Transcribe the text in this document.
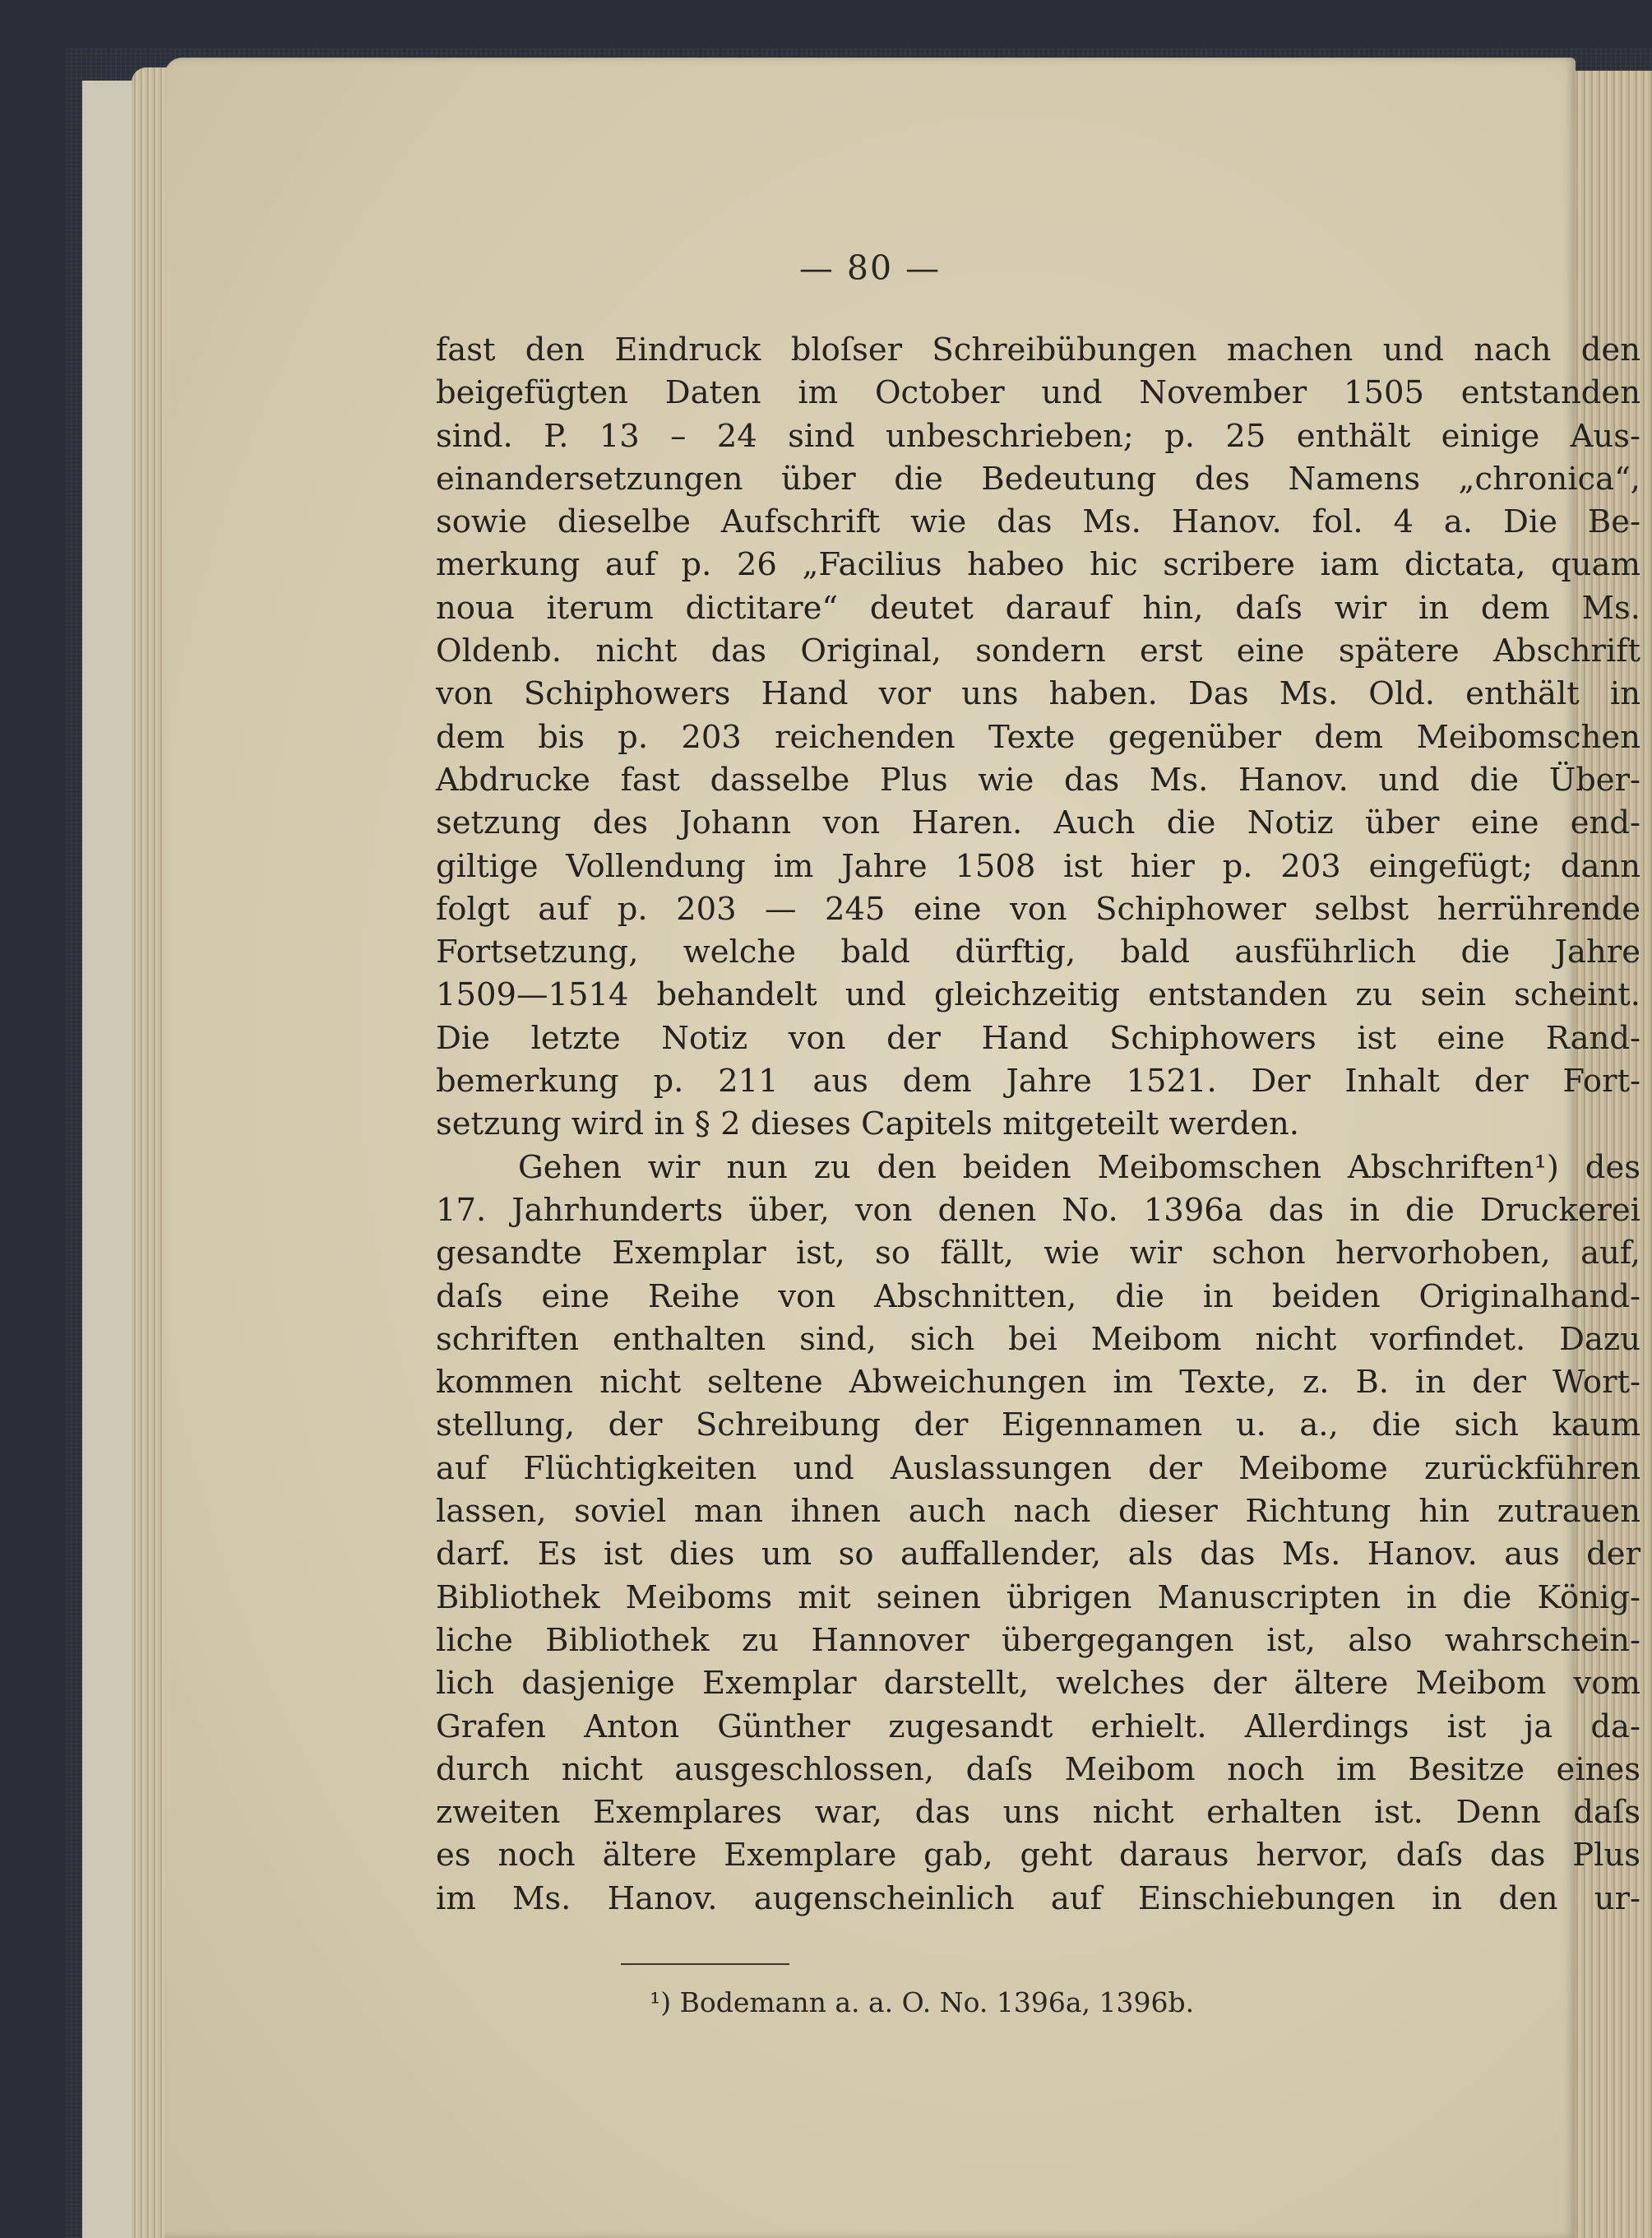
— 80 —
fast den Eindruck bloſser Schreibübungen machen und nach den
beigefügten Daten im October und November 1505 entstanden
sind. P. 13 – 24 sind unbeschrieben; p. 25 enthält einige Aus-
einandersetzungen über die Bedeutung des Namens „chronica“,
sowie dieselbe Aufschrift wie das Ms. Hanov. fol. 4 a. Die Be-
merkung auf p. 26 „Facilius habeo hic scribere iam dictata, quam
noua iterum dictitare“ deutet darauf hin, daſs wir in dem Ms.
Oldenb. nicht das Original, sondern erst eine spätere Abschrift
von Schiphowers Hand vor uns haben. Das Ms. Old. enthält in
dem bis p. 203 reichenden Texte gegenüber dem Meibomschen
Abdrucke fast dasselbe Plus wie das Ms. Hanov. und die Über-
setzung des Johann von Haren. Auch die Notiz über eine end-
giltige Vollendung im Jahre 1508 ist hier p. 203 eingefügt; dann
folgt auf p. 203 — 245 eine von Schiphower selbst herrührende
Fortsetzung, welche bald dürftig, bald ausführlich die Jahre
1509—1514 behandelt und gleichzeitig entstanden zu sein scheint.
Die letzte Notiz von der Hand Schiphowers ist eine Rand-
bemerkung p. 211 aus dem Jahre 1521. Der Inhalt der Fort-
setzung wird in § 2 dieses Capitels mitgeteilt werden.
Gehen wir nun zu den beiden Meibomschen Abschriften¹) des
17. Jahrhunderts über, von denen No. 1396a das in die Druckerei
gesandte Exemplar ist, so fällt, wie wir schon hervorhoben, auf,
daſs eine Reihe von Abschnitten, die in beiden Originalhand-
schriften enthalten sind, sich bei Meibom nicht vorfindet. Dazu
kommen nicht seltene Abweichungen im Texte, z. B. in der Wort-
stellung, der Schreibung der Eigennamen u. a., die sich kaum
auf Flüchtigkeiten und Auslassungen der Meibome zurückführen
lassen, soviel man ihnen auch nach dieser Richtung hin zutrauen
darf. Es ist dies um so auffallender, als das Ms. Hanov. aus der
Bibliothek Meiboms mit seinen übrigen Manuscripten in die König-
liche Bibliothek zu Hannover übergegangen ist, also wahrschein-
lich dasjenige Exemplar darstellt, welches der ältere Meibom vom
Grafen Anton Günther zugesandt erhielt. Allerdings ist ja da-
durch nicht ausgeschlossen, daſs Meibom noch im Besitze eines
zweiten Exemplares war, das uns nicht erhalten ist. Denn daſs
es noch ältere Exemplare gab, geht daraus hervor, daſs das Plus
im Ms. Hanov. augenscheinlich auf Einschiebungen in den ur-
¹) Bodemann a. a. O. No. 1396a, 1396b.
